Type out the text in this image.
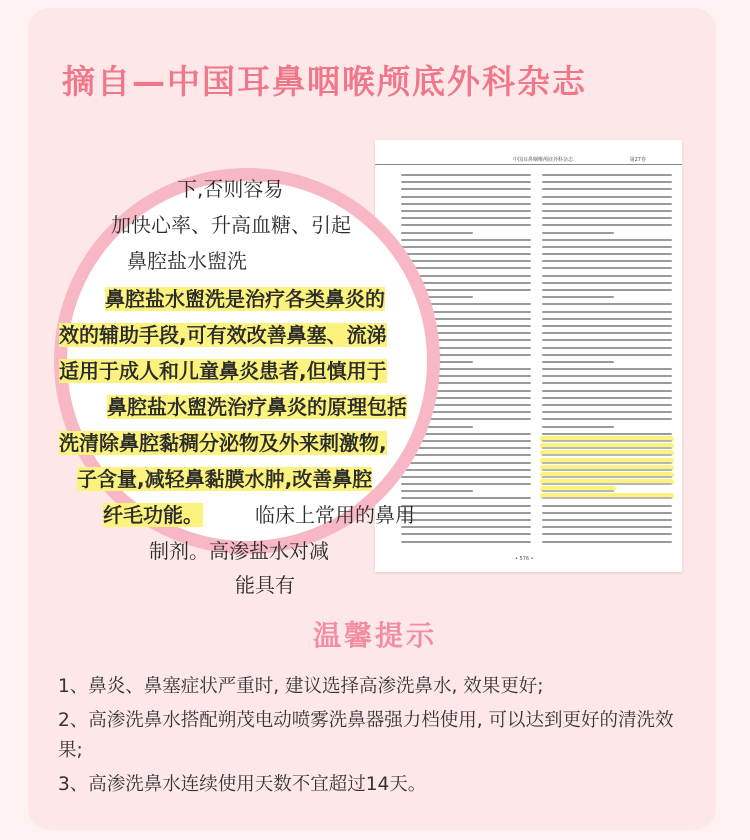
摘自—中国耳鼻咽喉颅底外科杂志
中国耳鼻咽喉颅底外科杂志	第27卷
• 576 •
下,否则容易
加快心率、升高血糖、引起
鼻腔盐水盥洗
鼻腔盐水盥洗是治疗各类鼻炎的
效的辅助手段,可有效改善鼻塞、流涕
适用于成人和儿童鼻炎患者,但慎用于
鼻腔盐水盥洗治疗鼻炎的原理包括
洗清除鼻腔黏稠分泌物及外来刺激物,
子含量,减轻鼻黏膜水肿,改善鼻腔
纤毛功能。	临床上常用的鼻用
制剂。高渗盐水对减
能具有
温馨提示

1、鼻炎、鼻塞症状严重时, 建议选择高渗洗鼻水, 效果更好;

2、高渗洗鼻水搭配朔茂电动喷雾洗鼻器强力档使用, 可以达到更好的清洗效果;

3、高渗洗鼻水连续使用天数不宜超过14天。
